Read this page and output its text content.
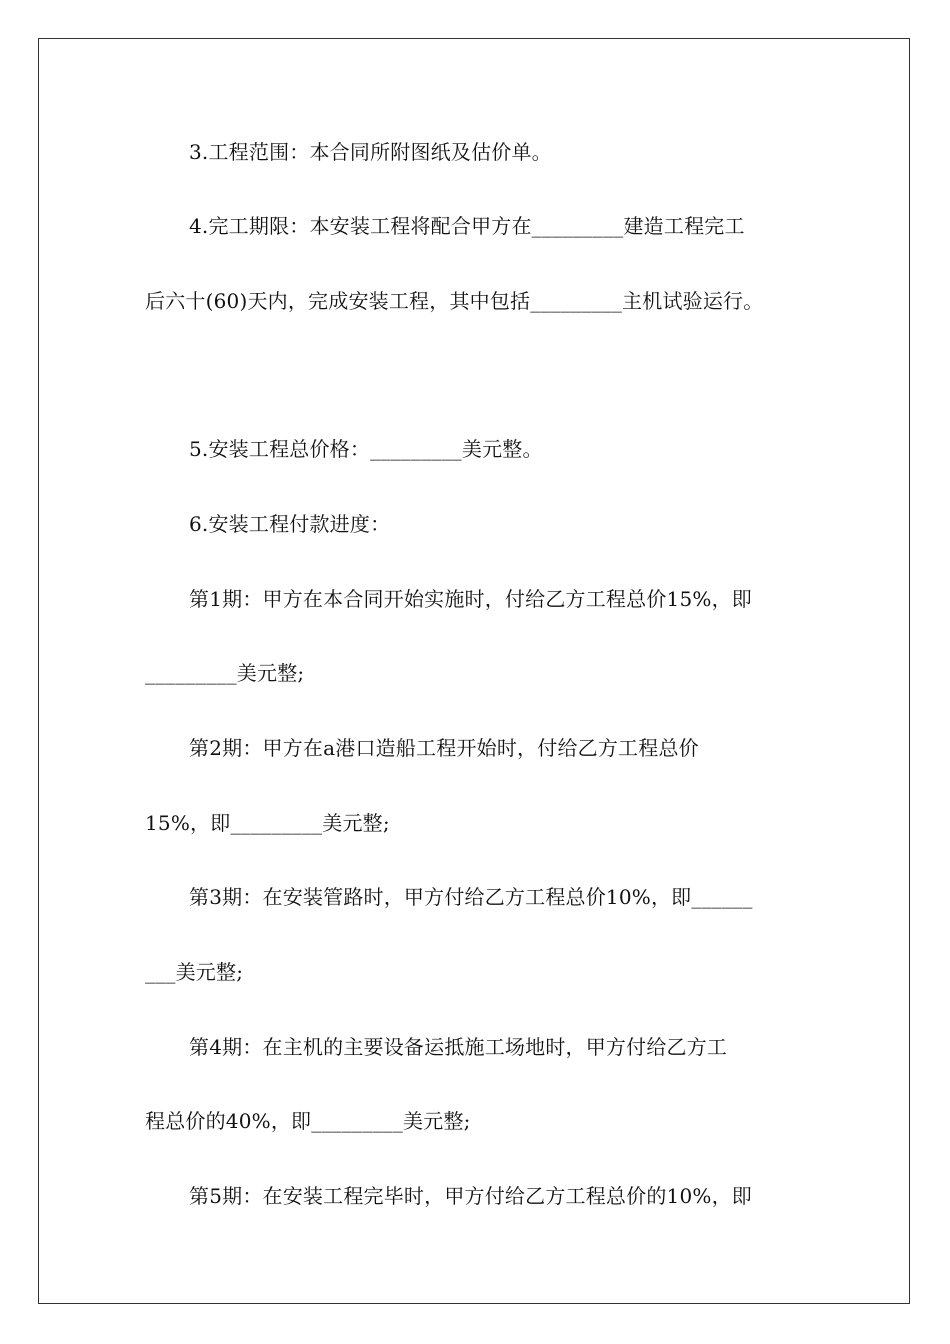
3.工程范围：本合同所附图纸及估价单。
4.完工期限：本安装工程将配合甲方在_________建造工程完工
后六十(60)天内，完成安装工程，其中包括_________主机试验运行。
5.安装工程总价格：_________美元整。
6.安装工程付款进度：
第1期：甲方在本合同开始实施时，付给乙方工程总价15%，即
_________美元整;
第2期：甲方在a港口造船工程开始时，付给乙方工程总价
15%，即_________美元整;
第3期：在安装管路时，甲方付给乙方工程总价10%，即______
___美元整;
第4期：在主机的主要设备运抵施工场地时，甲方付给乙方工
程总价的40%，即_________美元整;
第5期：在安装工程完毕时，甲方付给乙方工程总价的10%，即
